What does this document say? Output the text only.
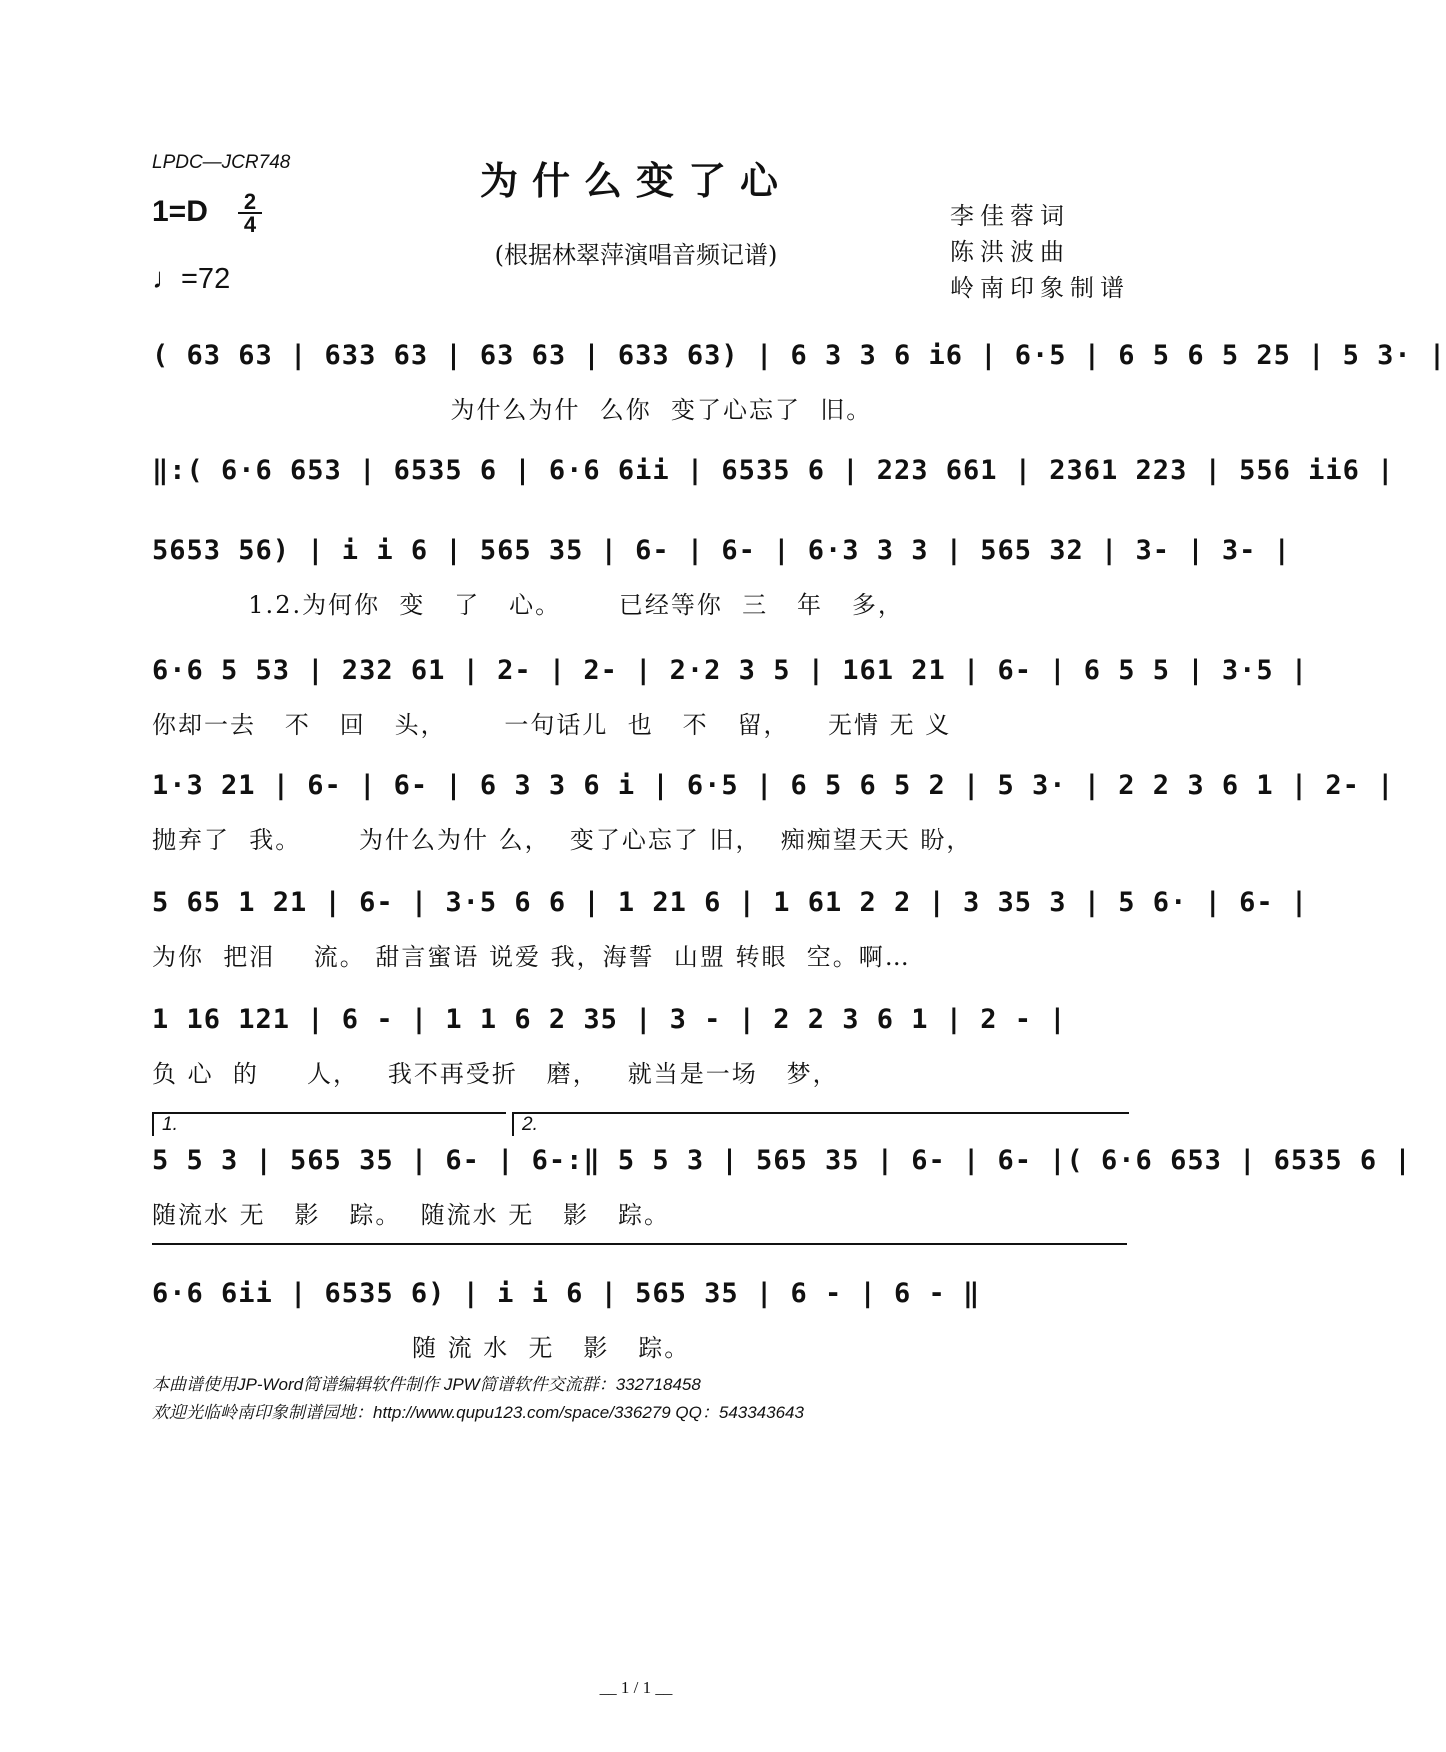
LPDC—JCR748	为什么变了心
(根据林翠萍演唱音频记谱)
1=D 2
4
♩=72
李佳蓉词
陈洪波曲
岭南印象制谱
( 63 63 | 633 63 | 63 63 | 633 63) | 6 3 3 6 i6 | 6·5 | 6 5 6 5 25 | 5 3· |
为什么为什  么你  变了心忘了  旧。
‖:( 6·6 653 | 6535 6 | 6·6 6ii | 6535 6 | 223 661 | 2361 223 | 556 ii6 |
5653 56) | i i 6 | 565 35 | 6- | 6- | 6·3 3 3 | 565 32 | 3- | 3- |
1.2.为何你  变   了   心。      已经等你  三   年   多，
6·6 5 53 | 232 61 | 2- | 2- | 2·2 3 5 | 161 21 | 6- | 6 5 5 | 3·5 |
你却一去   不   回   头，      一句话儿  也   不   留，    无情 无 义
1·3 21 | 6- | 6- | 6 3 3 6 i | 6·5 | 6 5 6 5 2 | 5 3· | 2 2 3 6 1 | 2- |
抛弃了  我。      为什么为什 么，  变了心忘了 旧，  痴痴望天天 盼，
5 65 1 21 | 6- | 3·5 6 6 | 1 21 6 | 1 61 2 2 | 3 35 3 | 5 6· | 6- |
为你  把泪    流。 甜言蜜语 说爱 我，海誓  山盟 转眼  空。啊…
1 16 121 | 6 - | 1 1 6 2 35 | 3 - | 2 2 3 6 1 | 2 - |
负 心  的     人，   我不再受折   磨，   就当是一场   梦，
1.	2.
5 5 3 | 565 35 | 6- | 6-:‖ 5 5 3 | 565 35 | 6- | 6- |( 6·6 653 | 6535 6 |
随流水 无   影   踪。  随流水 无   影   踪。
6·6 6ii | 6535 6) | i i 6 | 565 35 | 6 - | 6 - ‖
随 流 水  无   影   踪。
本曲谱使用JP-Word简谱编辑软件制作 JPW简谱软件交流群：332718458
欢迎光临岭南印象制谱园地：http://www.qupu123.com/space/336279 QQ：543343643
__ 1 / 1 __
